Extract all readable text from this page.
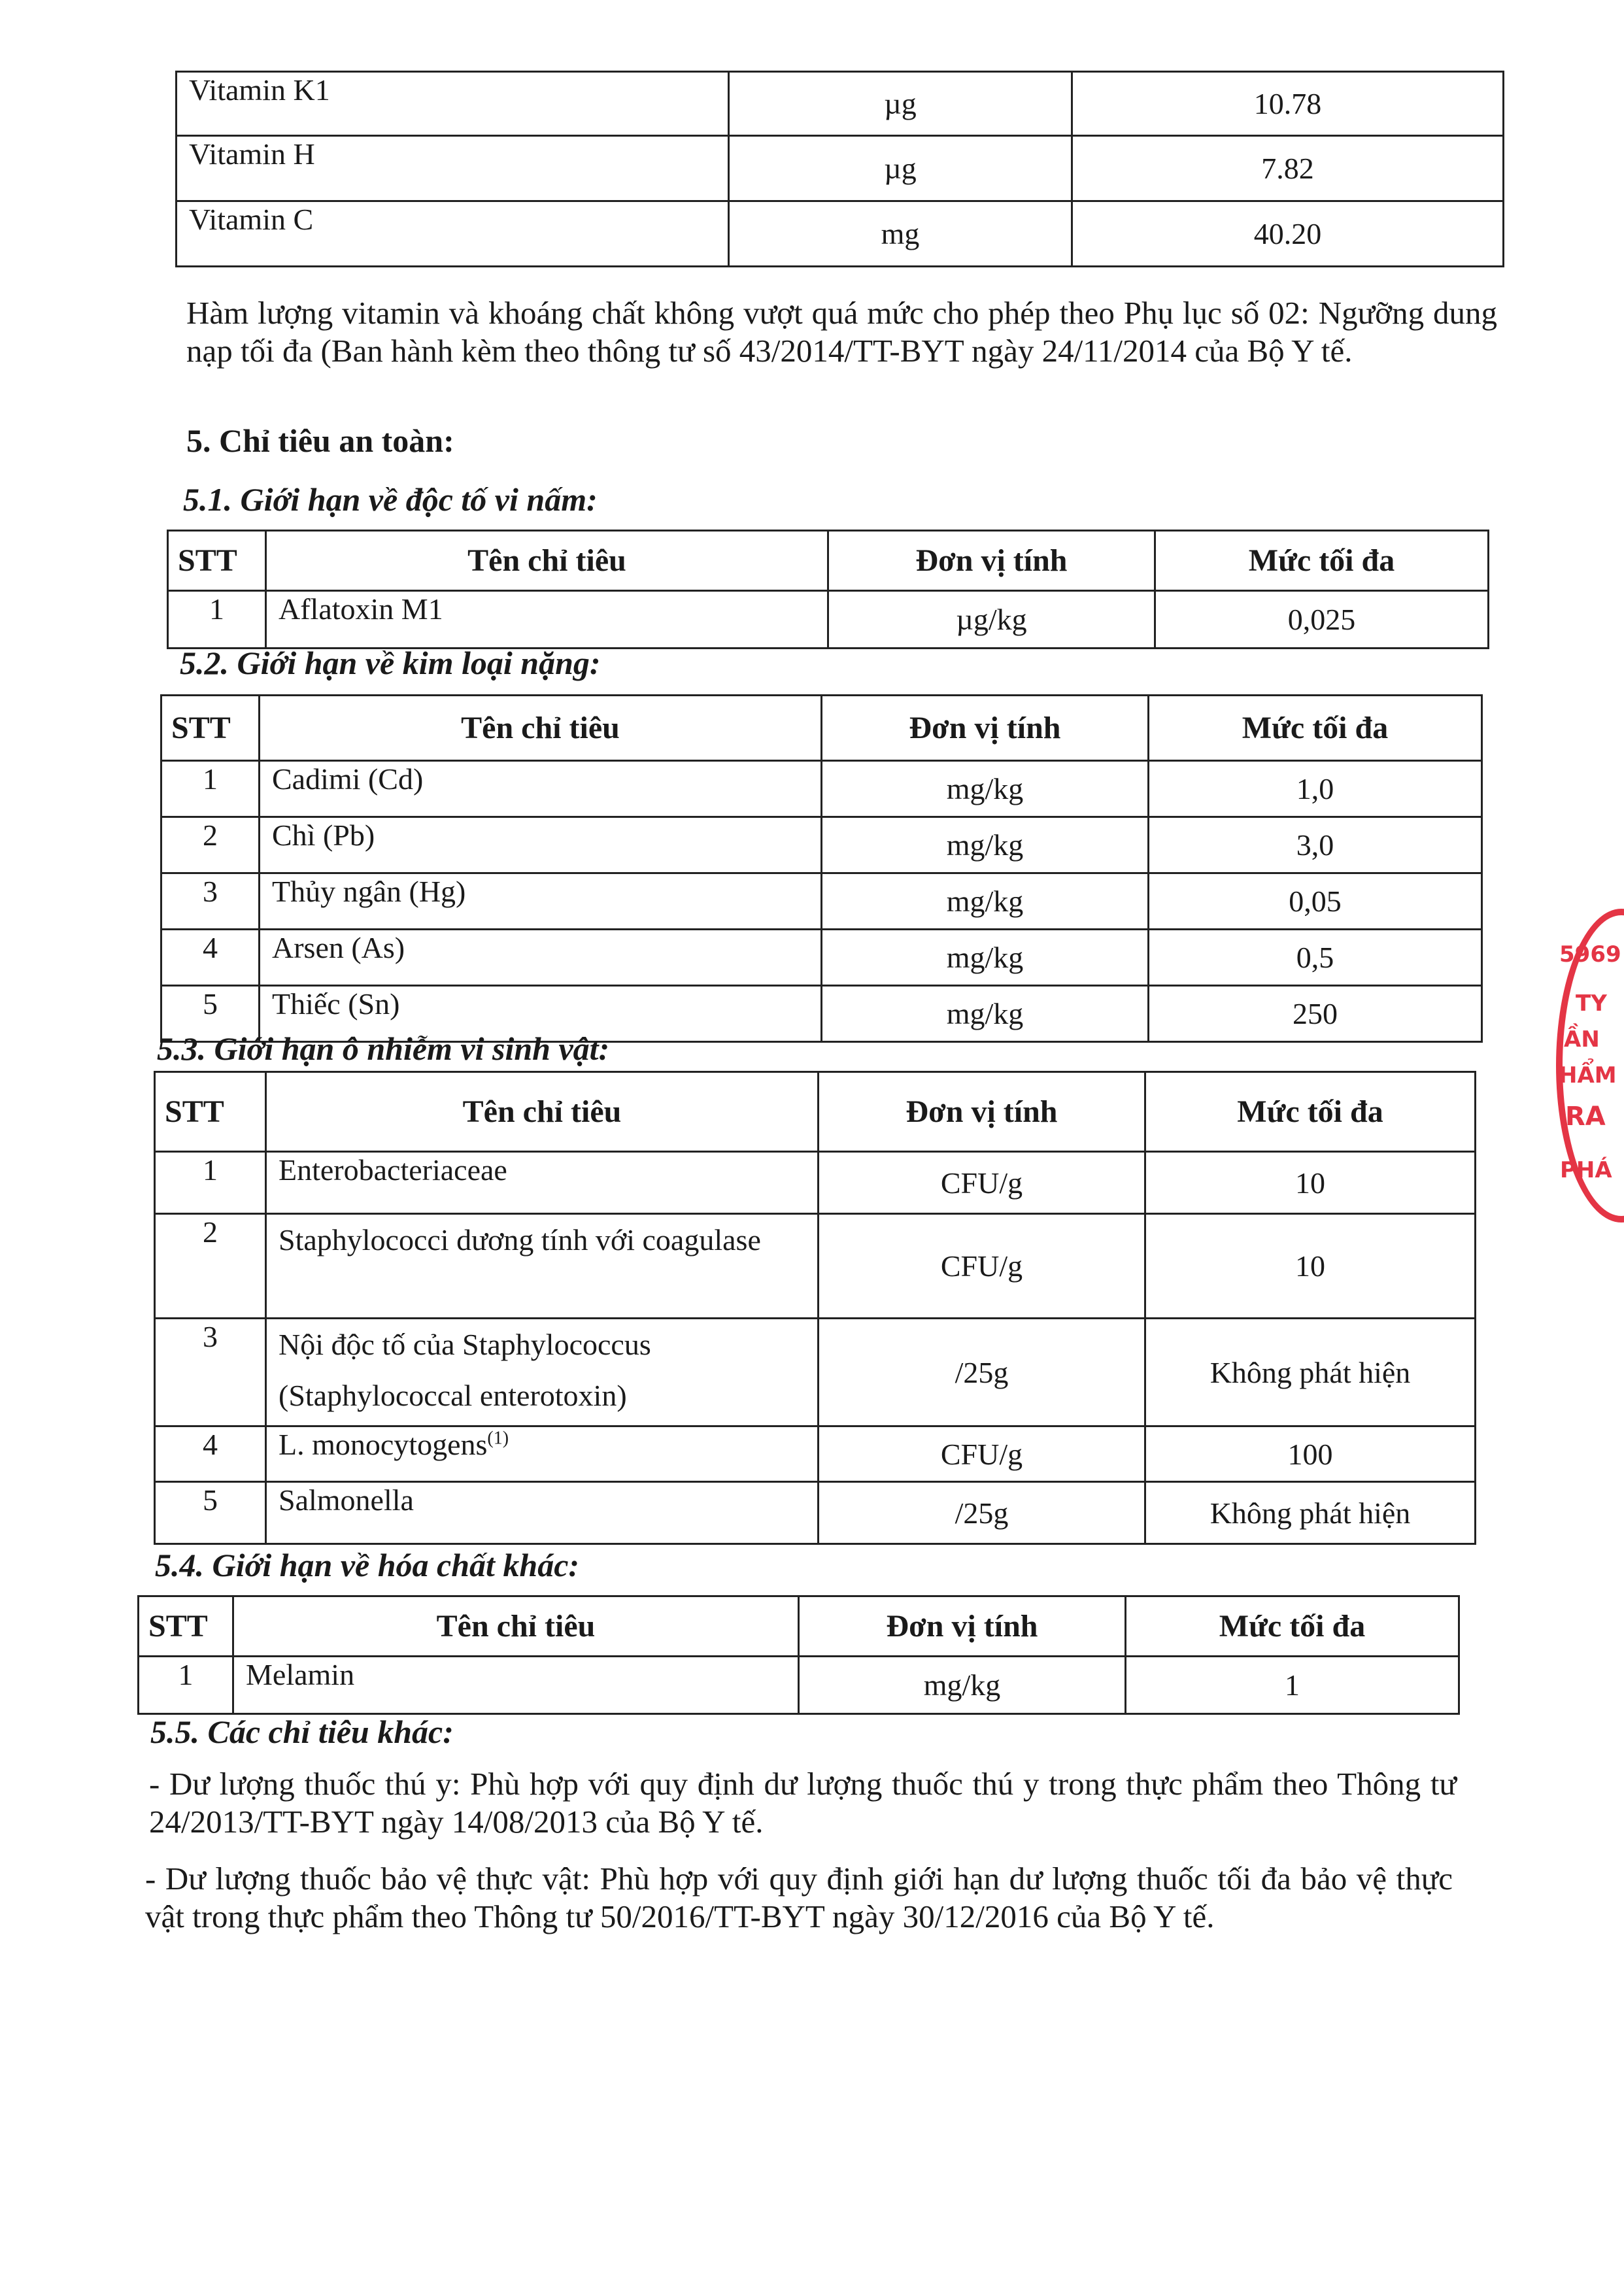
Vitamin K1	µg	10.78
Vitamin H	µg	7.82
Vitamin C	mg	40.20
Hàm lượng vitamin và khoáng chất không vượt quá mức cho phép theo Phụ lục số 02: Ngưỡng dung nạp tối đa (Ban hành kèm theo thông tư số 43/2014/TT-BYT ngày 24/11/2014 của Bộ Y tế.
5. Chỉ tiêu an toàn:
5.1. Giới hạn về độc tố vi nấm:
STT	Tên chỉ tiêu	Đơn vị tính	Mức tối đa
1	Aflatoxin M1	µg/kg	0,025
5.2. Giới hạn về kim loại nặng:
STT	Tên chỉ tiêu	Đơn vị tính	Mức tối đa
1	Cadimi (Cd)	mg/kg	1,0
2	Chì (Pb)	mg/kg	3,0
3	Thủy ngân (Hg)	mg/kg	0,05
4	Arsen (As)	mg/kg	0,5
5	Thiếc (Sn)	mg/kg	250
5.3. Giới hạn ô nhiễm vi sinh vật:
STT	Tên chỉ tiêu	Đơn vị tính	Mức tối đa
1	Enterobacteriaceae	CFU/g	10
2	Staphylococci dương tính với coagulase	CFU/g	10
3	Nội độc tố của Staphylococcus (Staphylococcal enterotoxin)	/25g	Không phát hiện
4	L. monocytogens$^{(1)}$	CFU/g	100
5	Salmonella	/25g	Không phát hiện
5.4. Giới hạn về hóa chất khác:
STT	Tên chỉ tiêu	Đơn vị tính	Mức tối đa
1	Melamin	mg/kg	1
5.5. Các chỉ tiêu khác:
- Dư lượng thuốc thú y: Phù hợp với quy định dư lượng thuốc thú y trong thực phẩm theo Thông tư 24/2013/TT-BYT ngày 14/08/2013 của Bộ Y tế.
- Dư lượng thuốc bảo vệ thực vật: Phù hợp với quy định giới hạn dư lượng thuốc tối đa bảo vệ thực vật trong thực phẩm theo Thông tư 50/2016/TT-BYT ngày 30/12/2016 của Bộ Y tế.
5969
TY
ẦN
HẨM
RA
PHÁ
